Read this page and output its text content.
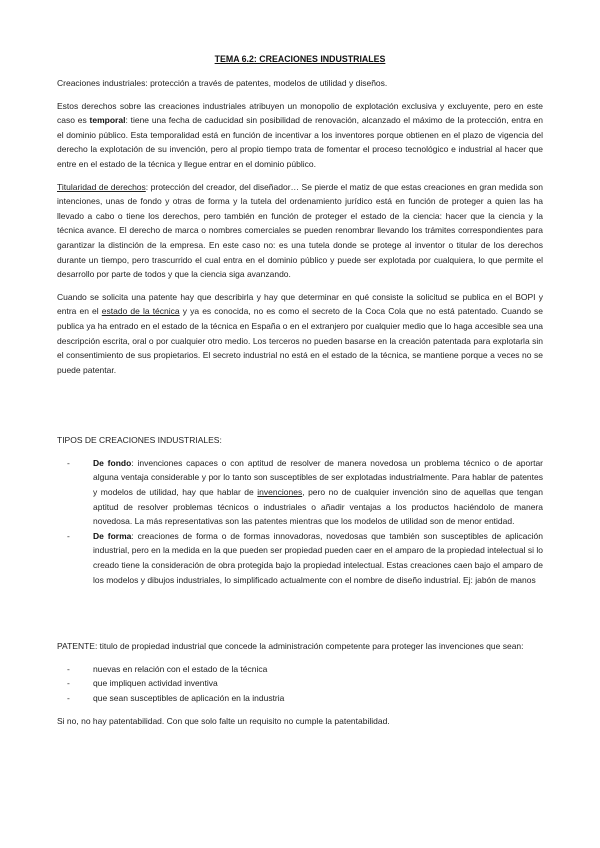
TEMA 6.2: CREACIONES INDUSTRIALES

Creaciones industriales: protección a través de patentes, modelos de utilidad y diseños.

Estos derechos sobre las creaciones industriales atribuyen un monopolio de explotación exclusiva y excluyente, pero en este caso es temporal: tiene una fecha de caducidad sin posibilidad de renovación, alcanzado el máximo de la protección, entra en el dominio público. Esta temporalidad está en función de incentivar a los inventores porque obtienen en el plazo de vigencia del derecho la explotación de su invención, pero al propio tiempo trata de fomentar el proceso tecnológico e industrial al hacer que entre en el estado de la técnica y llegue entrar en el dominio público.

Titularidad de derechos: protección del creador, del diseñador… Se pierde el matiz de que estas creaciones en gran medida son intenciones, unas de fondo y otras de forma y la tutela del ordenamiento jurídico está en función de proteger a quien las ha llevado a cabo o tiene los derechos, pero también en función de proteger el estado de la ciencia: hacer que la ciencia y la técnica avance. El derecho de marca o nombres comerciales se pueden renombrar llevando los trámites correspondientes para garantizar la distinción de la empresa. En este caso no: es una tutela donde se protege al inventor o titular de los derechos durante un tiempo, pero trascurrido el cual entra en el dominio público y puede ser explotada por cualquiera, lo que permite el desarrollo por parte de todos y que la ciencia siga avanzando.

Cuando se solicita una patente hay que describirla y hay que determinar en qué consiste la solicitud se publica en el BOPI y entra en el estado de la técnica y ya es conocida, no es como el secreto de la Coca Cola que no está patentado. Cuando se publica ya ha entrado en el estado de la técnica en España o en el extranjero por cualquier medio que lo haga accesible sea una descripción escrita, oral o por cualquier otro medio. Los terceros no pueden basarse en la creación patentada para explotarla sin el consentimiento de sus propietarios. El secreto industrial no está en el estado de la técnica, se mantiene porque a veces no se puede patentar.

TIPOS DE CREACIONES INDUSTRIALES:

-	De fondo: invenciones capaces o con aptitud de resolver de manera novedosa un problema técnico o de aportar alguna ventaja considerable y por lo tanto son susceptibles de ser explotadas industrialmente. Para hablar de patentes y modelos de utilidad, hay que hablar de invenciones, pero no de cualquier invención sino de aquellas que tengan aptitud de resolver problemas técnicos o industriales o añadir ventajas a los productos haciéndolo de manera novedosa. La más representativas son las patentes mientras que los modelos de utilidad son de menor entidad.
-	De forma: creaciones de forma o de formas innovadoras, novedosas que también son susceptibles de aplicación industrial, pero en la medida en la que pueden ser propiedad pueden caer en el amparo de la propiedad intelectual si lo creado tiene la consideración de obra protegida bajo la propiedad intelectual. Estas creaciones caen bajo el amparo de los modelos y dibujos industriales, lo simplificado actualmente con el nombre de diseño industrial. Ej: jabón de manos

PATENTE: titulo de propiedad industrial que concede la administración competente para proteger las invenciones que sean:

-	nuevas en relación con el estado de la técnica
-	que impliquen actividad inventiva
-	que sean susceptibles de aplicación en la industria

Si no, no hay patentabilidad. Con que solo falte un requisito no cumple la patentabilidad.
